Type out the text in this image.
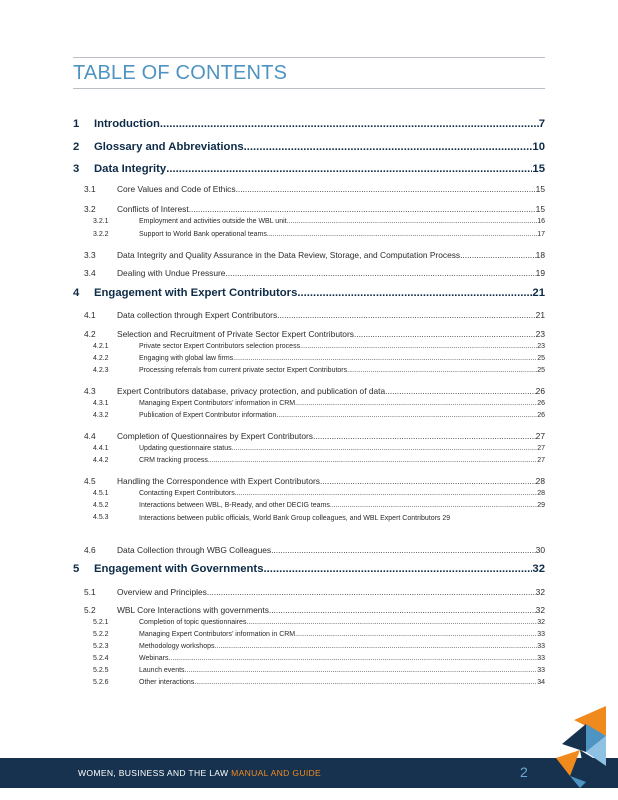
TABLE OF CONTENTS
1	Introduction .....	7
2	Glossary and Abbreviations .....	10
3	Data Integrity .....	15
3.1	Core Values and Code of Ethics .....	15
3.2	Conflicts of Interest .....	15
3.2.1	Employment and activities outside the WBL unit .....	16
3.2.2	Support to World Bank operational teams .....	17
3.3	Data Integrity and Quality Assurance in the Data Review, Storage, and Computation Process .....	18
3.4	Dealing with Undue Pressure .....	19
4	Engagement with Expert Contributors .....	21
4.1	Data collection through Expert Contributors .....	21
4.2	Selection and Recruitment of Private Sector Expert Contributors .....	23
4.2.1	Private sector Expert Contributors selection process .....	23
4.2.2	Engaging with global law firms .....	25
4.2.3	Processing referrals from current private sector Expert Contributors .....	25
4.3	Expert Contributors database, privacy protection, and publication of data .....	26
4.3.1	Managing Expert Contributors’ information in CRM .....	26
4.3.2	Publication of Expert Contributor information .....	26
4.4	Completion of Questionnaires by Expert Contributors .....	27
4.4.1	Updating questionnaire status .....	27
4.4.2	CRM tracking process .....	27
4.5	Handling the Correspondence with Expert Contributors .....	28
4.5.1	Contacting Expert Contributors .....	28
4.5.2	Interactions between WBL, B-Ready, and other DECIG teams .....	29
4.5.3	Interactions between public officials, World Bank Group colleagues, and WBL Expert Contributors 29
4.6	Data Collection through WBG Colleagues .....	30
5	Engagement with Governments .....	32
5.1	Overview and Principles .....	32
5.2	WBL Core Interactions with governments .....	32
5.2.1	Completion of topic questionnaires .....	32
5.2.2	Managing Expert Contributors’ information in CRM .....	33
5.2.3	Methodology workshops .....	33
5.2.4	Webinars .....	33
5.2.5	Launch events .....	33
5.2.6	Other interactions .....	34
WOMEN, BUSINESS AND THE LAW MANUAL AND GUIDE	2
